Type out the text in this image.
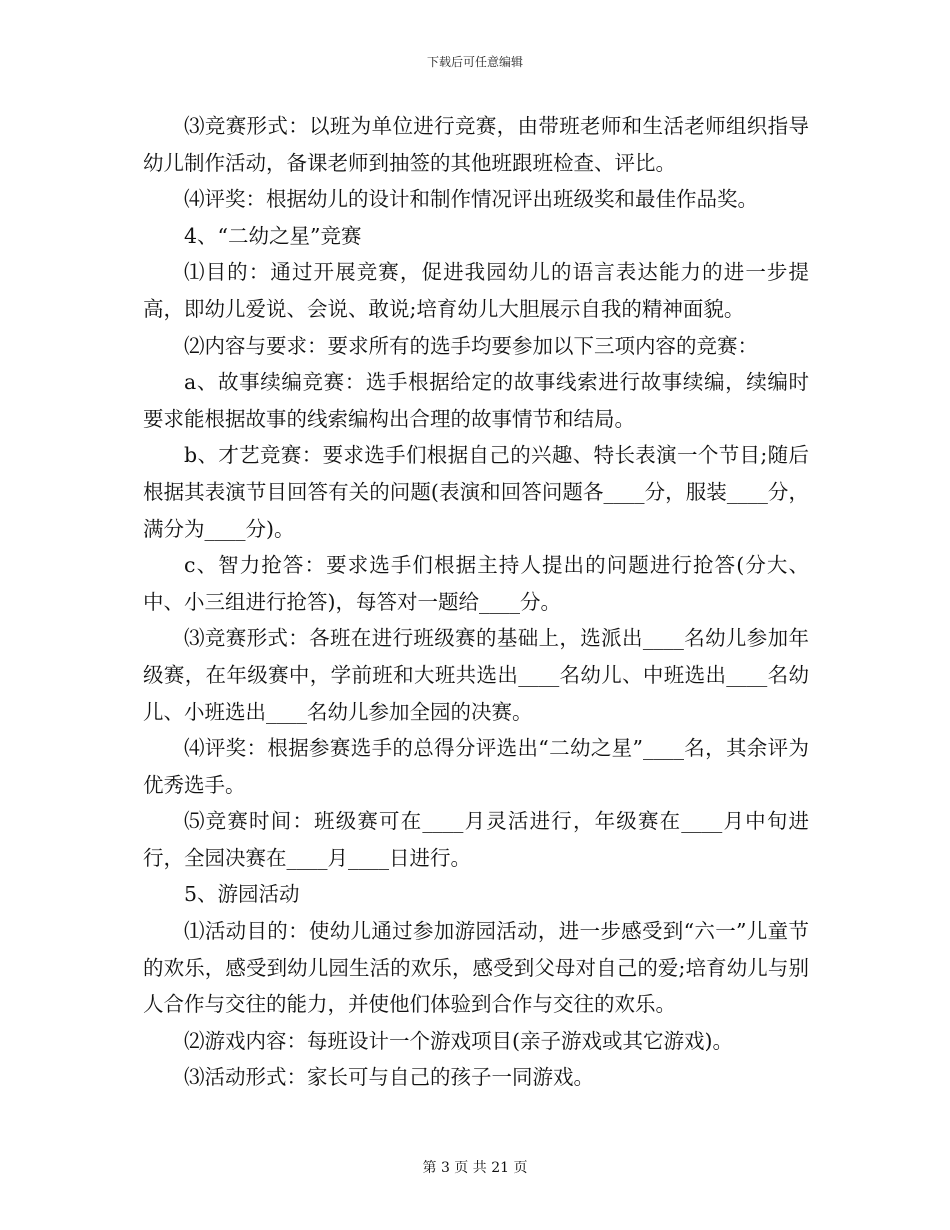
下载后可任意编辑

⑶竞赛形式：以班为单位进行竞赛，由带班老师和生活老师组织指导幼儿制作活动，备课老师到抽签的其他班跟班检查、评比。

⑷评奖：根据幼儿的设计和制作情况评出班级奖和最佳作品奖。

4、“二幼之星”竞赛

⑴目的：通过开展竞赛，促进我园幼儿的语言表达能力的进一步提高，即幼儿爱说、会说、敢说;培育幼儿大胆展示自我的精神面貌。

⑵内容与要求：要求所有的选手均要参加以下三项内容的竞赛：

a、故事续编竞赛：选手根据给定的故事线索进行故事续编，续编时要求能根据故事的线索编构出合理的故事情节和结局。

b、才艺竞赛：要求选手们根据自己的兴趣、特长表演一个节目;随后根据其表演节目回答有关的问题(表演和回答问题各____分，服装____分，满分为____分)。

c、智力抢答：要求选手们根据主持人提出的问题进行抢答(分大、中、小三组进行抢答)，每答对一题给____分。

⑶竞赛形式：各班在进行班级赛的基础上，选派出____名幼儿参加年级赛，在年级赛中，学前班和大班共选出____名幼儿、中班选出____名幼儿、小班选出____名幼儿参加全园的决赛。

⑷评奖：根据参赛选手的总得分评选出“二幼之星”____名，其余评为优秀选手。

⑸竞赛时间：班级赛可在____月灵活进行，年级赛在____月中旬进行，全园决赛在____月____日进行。

5、游园活动

⑴活动目的：使幼儿通过参加游园活动，进一步感受到“六一”儿童节的欢乐，感受到幼儿园生活的欢乐，感受到父母对自己的爱;培育幼儿与别人合作与交往的能力，并使他们体验到合作与交往的欢乐。

⑵游戏内容：每班设计一个游戏项目(亲子游戏或其它游戏)。

⑶活动形式：家长可与自己的孩子一同游戏。

第 3 页 共 21 页
